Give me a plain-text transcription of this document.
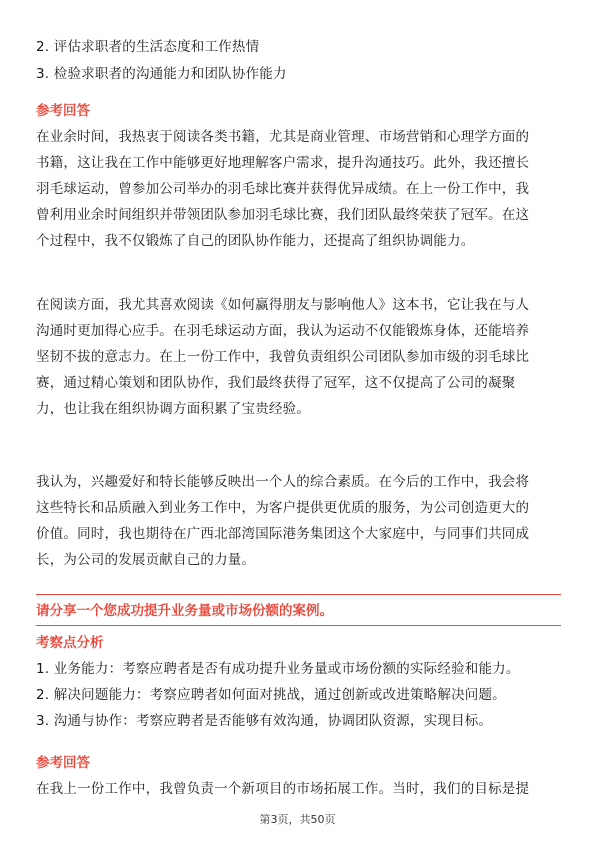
2. 评估求职者的生活态度和工作热情
3. 检验求职者的沟通能力和团队协作能力
参考回答
在业余时间，我热衷于阅读各类书籍，尤其是商业管理、市场营销和心理学方面的
书籍，这让我在工作中能够更好地理解客户需求，提升沟通技巧。此外，我还擅长
羽毛球运动，曾参加公司举办的羽毛球比赛并获得优异成绩。在上一份工作中，我
曾利用业余时间组织并带领团队参加羽毛球比赛，我们团队最终荣获了冠军。在这
个过程中，我不仅锻炼了自己的团队协作能力，还提高了组织协调能力。
在阅读方面，我尤其喜欢阅读《如何赢得朋友与影响他人》这本书，它让我在与人
沟通时更加得心应手。在羽毛球运动方面，我认为运动不仅能锻炼身体，还能培养
坚韧不拔的意志力。在上一份工作中，我曾负责组织公司团队参加市级的羽毛球比
赛，通过精心策划和团队协作，我们最终获得了冠军，这不仅提高了公司的凝聚
力，也让我在组织协调方面积累了宝贵经验。
我认为，兴趣爱好和特长能够反映出一个人的综合素质。在今后的工作中，我会将
这些特长和品质融入到业务工作中，为客户提供更优质的服务，为公司创造更大的
价值。同时，我也期待在广西北部湾国际港务集团这个大家庭中，与同事们共同成
长，为公司的发展贡献自己的力量。
请分享一个您成功提升业务量或市场份额的案例。
考察点分析
1. 业务能力：考察应聘者是否有成功提升业务量或市场份额的实际经验和能力。
2. 解决问题能力：考察应聘者如何面对挑战，通过创新或改进策略解决问题。
3. 沟通与协作：考察应聘者是否能够有效沟通，协调团队资源，实现目标。
参考回答
在我上一份工作中，我曾负责一个新项目的市场拓展工作。当时，我们的目标是提
第3页，共50页
